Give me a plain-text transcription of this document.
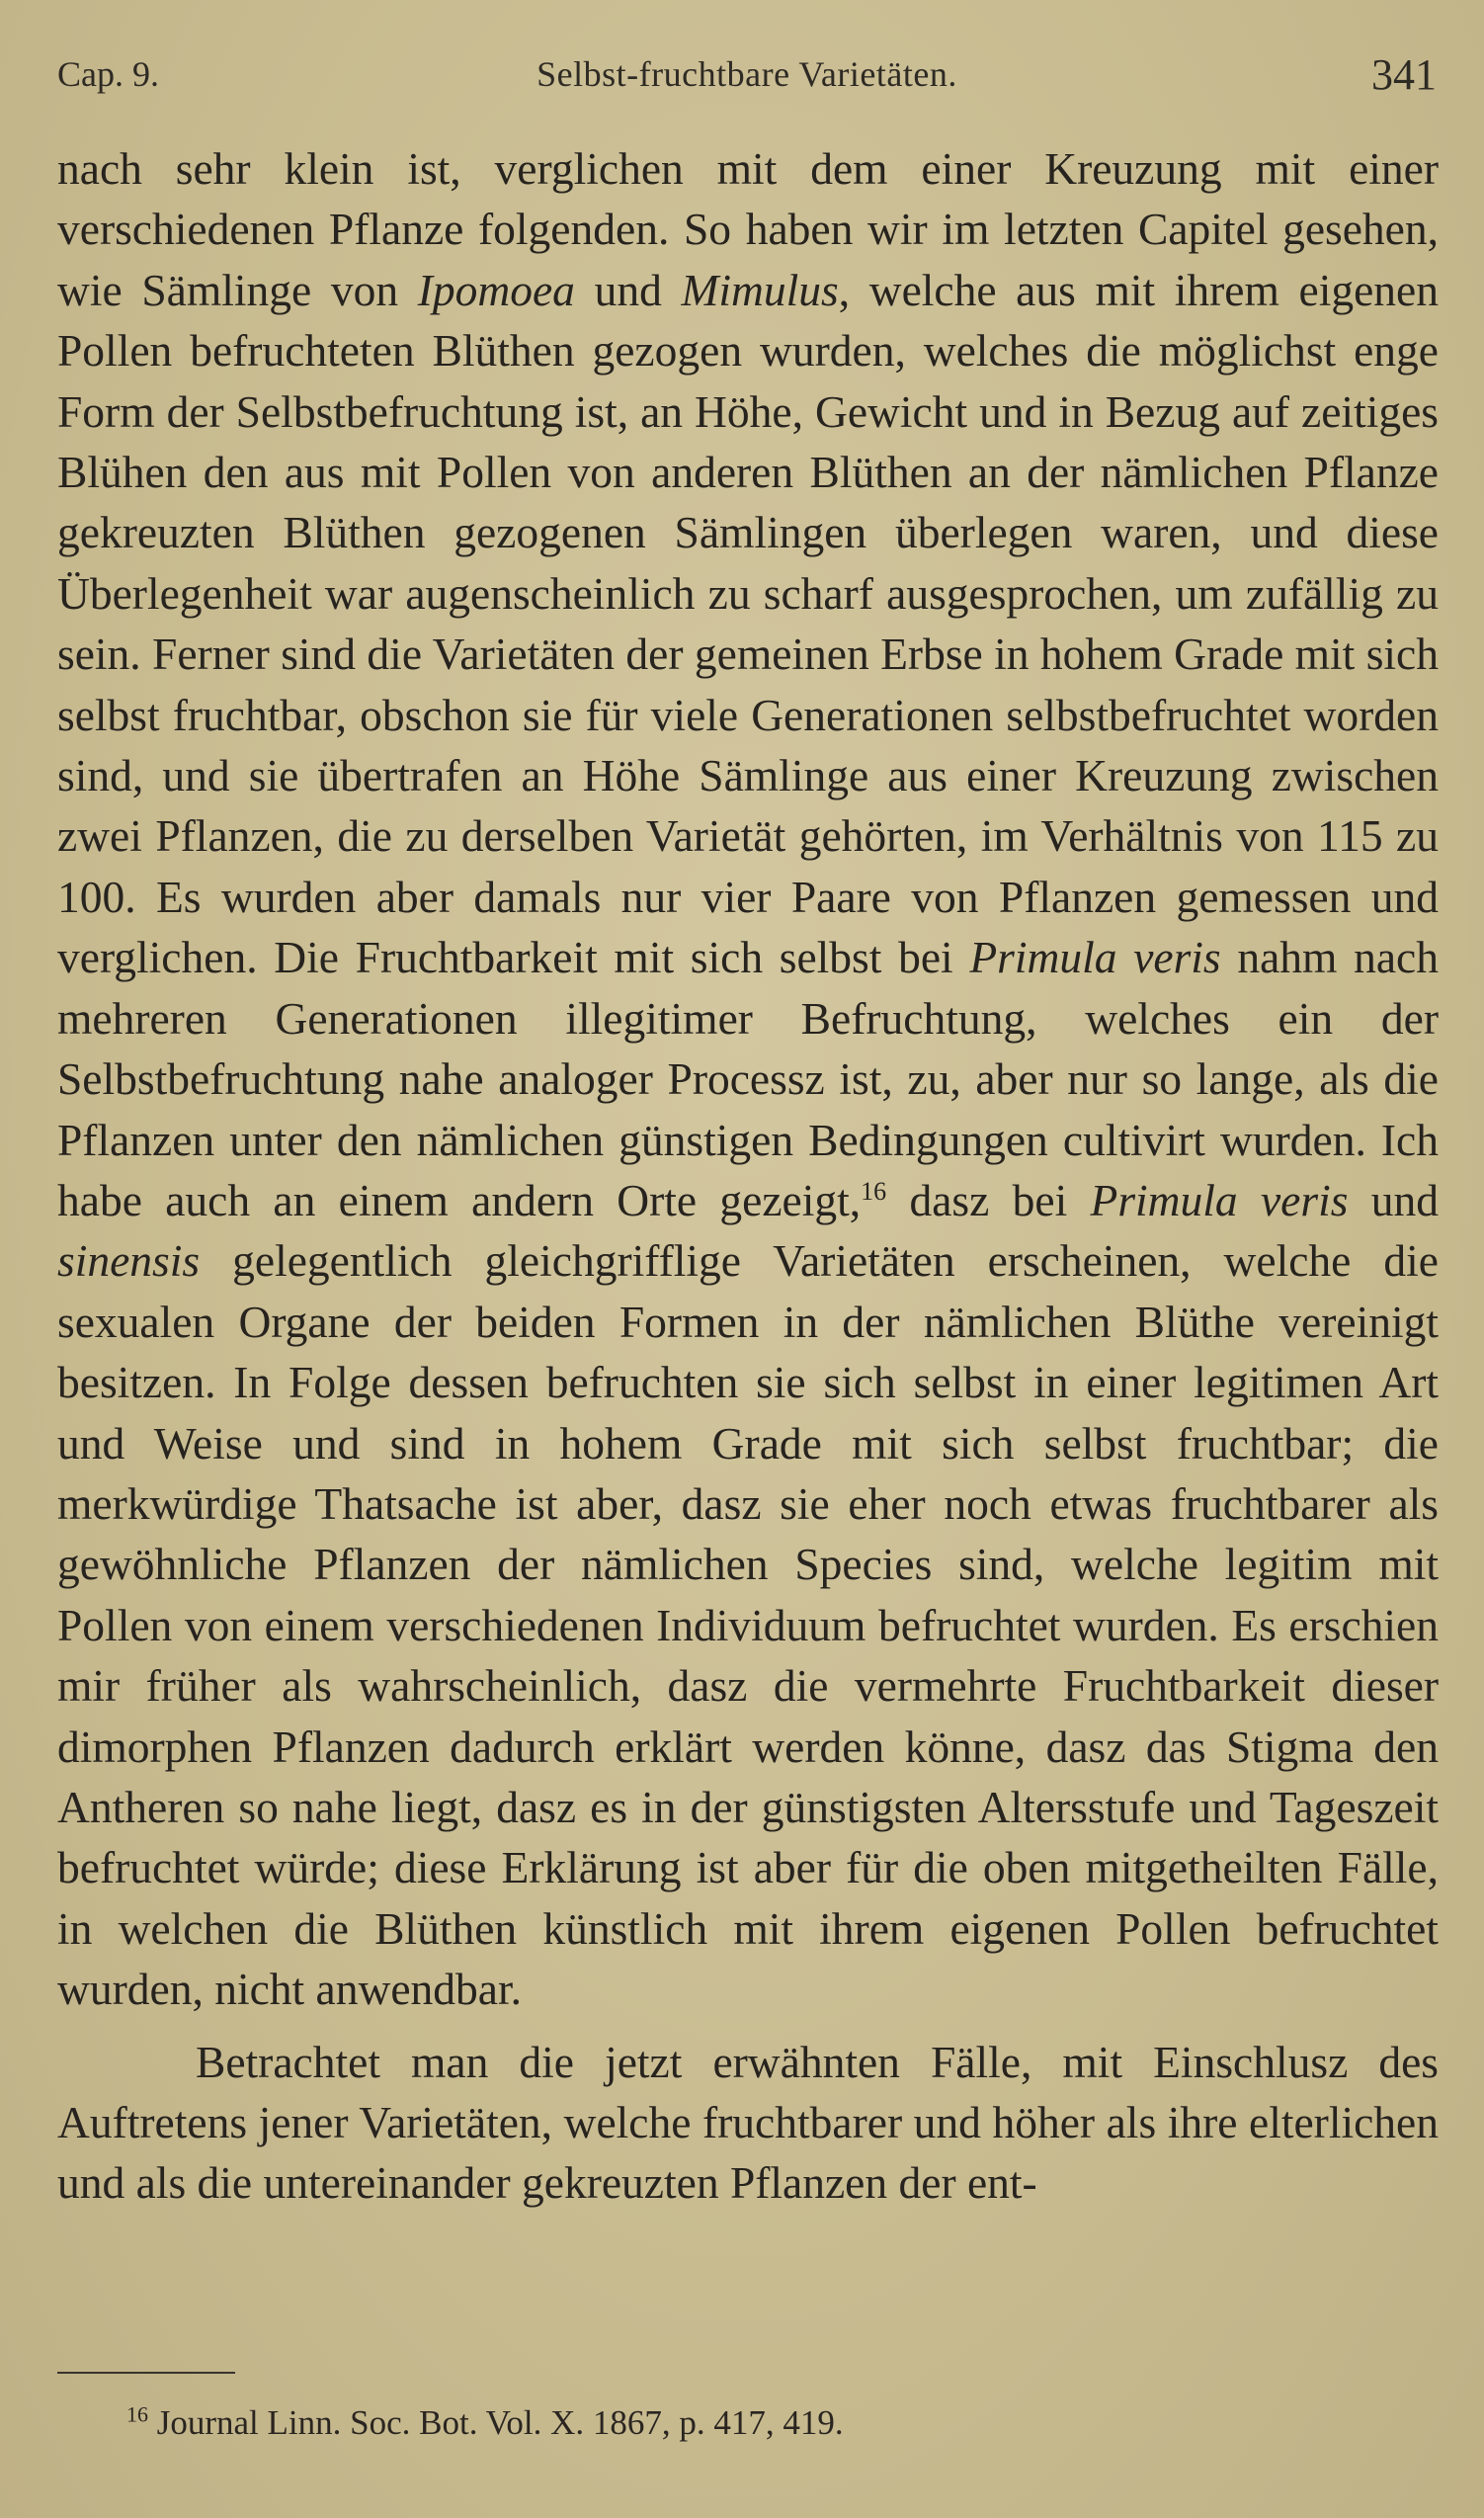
Cap. 9.	Selbst-fruchtbare Varietäten.	341

nach sehr klein ist, verglichen mit dem einer Kreuzung mit einer verschiedenen Pflanze folgenden. So haben wir im letzten Capitel gesehen, wie Sämlinge von Ipomoea und Mimulus, welche aus mit ihrem eigenen Pollen befruchteten Blüthen gezogen wurden, welches die möglichst enge Form der Selbstbefruchtung ist, an Höhe, Gewicht und in Bezug auf zeitiges Blühen den aus mit Pollen von anderen Blüthen an der nämlichen Pflanze gekreuzten Blüthen gezogenen Sämlingen überlegen waren, und diese Überlegenheit war augenscheinlich zu scharf ausgesprochen, um zufällig zu sein. Ferner sind die Varietäten der gemeinen Erbse in hohem Grade mit sich selbst fruchtbar, obschon sie für viele Generationen selbstbefruchtet worden sind, und sie übertrafen an Höhe Sämlinge aus einer Kreuzung zwischen zwei Pflanzen, die zu derselben Varietät gehörten, im Verhältnis von 115 zu 100. Es wurden aber damals nur vier Paare von Pflanzen gemessen und verglichen. Die Fruchtbarkeit mit sich selbst bei Primula veris nahm nach mehreren Generationen illegitimer Befruchtung, welches ein der Selbstbefruchtung nahe analoger Processz ist, zu, aber nur so lange, als die Pflanzen unter den nämlichen günstigen Bedingungen cultivirt wurden. Ich habe auch an einem andern Orte gezeigt,$^{16}$ dasz bei Primula veris und sinensis gelegentlich gleichgrifflige Varietäten erscheinen, welche die sexualen Organe der beiden Formen in der nämlichen Blüthe vereinigt besitzen. In Folge dessen befruchten sie sich selbst in einer legitimen Art und Weise und sind in hohem Grade mit sich selbst fruchtbar; die merkwürdige Thatsache ist aber, dasz sie eher noch etwas fruchtbarer als gewöhnliche Pflanzen der nämlichen Species sind, welche legitim mit Pollen von einem verschiedenen Individuum befruchtet wurden. Es erschien mir früher als wahrscheinlich, dasz die vermehrte Fruchtbarkeit dieser dimorphen Pflanzen dadurch erklärt werden könne, dasz das Stigma den Antheren so nahe liegt, dasz es in der günstigsten Altersstufe und Tageszeit befruchtet würde; diese Erklärung ist aber für die oben mitgetheilten Fälle, in welchen die Blüthen künstlich mit ihrem eigenen Pollen befruchtet wurden, nicht anwendbar.

Betrachtet man die jetzt erwähnten Fälle, mit Einschlusz des Auftretens jener Varietäten, welche fruchtbarer und höher als ihre elterlichen und als die untereinander gekreuzten Pflanzen der ent-

$^{16}$ Journal Linn. Soc. Bot. Vol. X. 1867, p. 417, 419.
